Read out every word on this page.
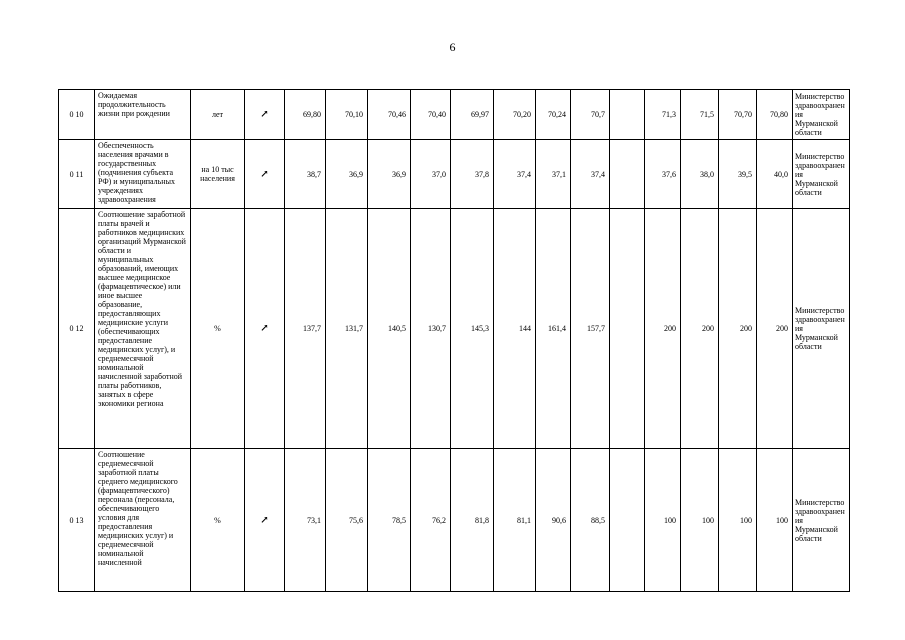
6
0 10	Ожидаемая продолжительность жизни при рождении	лет	↗	69,80	70,10	70,46	70,40	69,97	70,20	70,24	70,7		71,3	71,5	70,70	70,80	Министерство здравоохранения Мурманской области
0 11	Обеспеченность населения врачами в государственных (подчинения субъекта РФ) и муниципальных учреждениях здравоохранения	на 10 тыс населения	↗	38,7	36,9	36,9	37,0	37,8	37,4	37,1	37,4		37,6	38,0	39,5	40,0	Министерство здравоохранения Мурманской области
0 12	Соотношение заработной платы врачей и работников медицинских организаций Мурманской области и муниципальных образований, имеющих высшее медицинское (фармацевтическое) или иное высшее образование, предоставляющих медицинские услуги (обеспечивающих предоставление медицинских услуг), и среднемесячной номинальной начисленной заработной платы работников, занятых в сфере экономики региона	%	↗	137,7	131,7	140,5	130,7	145,3	144	161,4	157,7		200	200	200	200	Министерство здравоохранения Мурманской области
0 13	Соотношение среднемесячной заработной платы среднего медицинского (фармацевтического) персонала (персонала, обеспечивающего условия для предоставления медицинских услуг) и среднемесячной номинальной начисленной	%	↗	73,1	75,6	78,5	76,2	81,8	81,1	90,6	88,5		100	100	100	100	Министерство здравоохранения Мурманской области
